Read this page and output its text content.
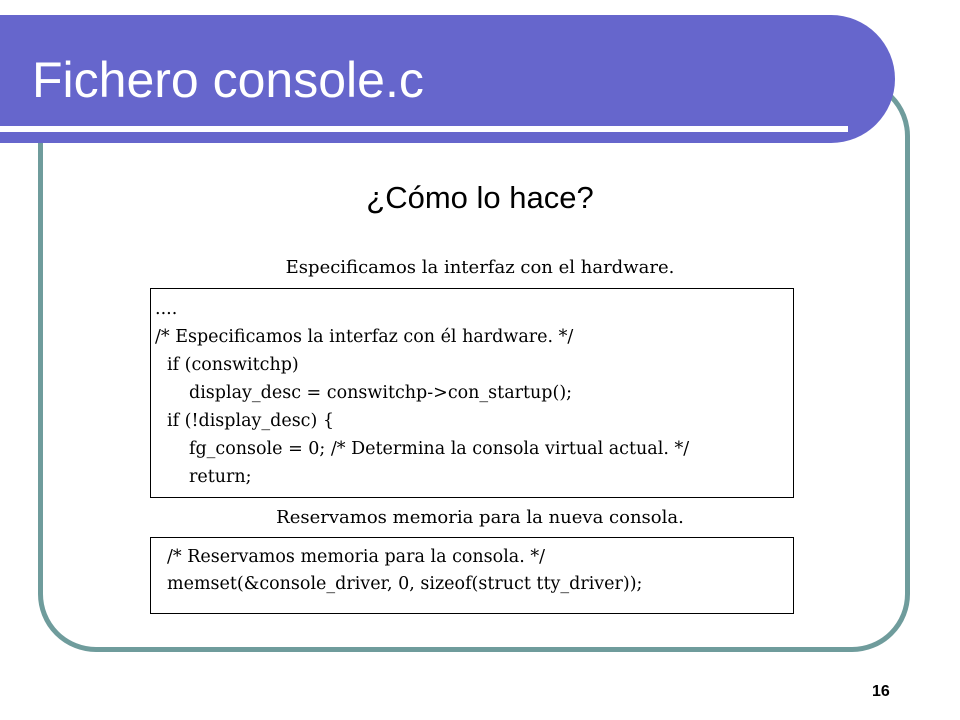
Fichero console.c
¿Cómo lo hace?
Especificamos la interfaz con el hardware.
....
/* Especificamos la interfaz con él hardware. */
if (conswitchp)
display_desc = conswitchp->con_startup();
if (!display_desc) {
fg_console = 0; /* Determina la consola virtual actual. */
return;
Reservamos memoria para la nueva consola.
/* Reservamos memoria para la consola. */
memset(&console_driver, 0, sizeof(struct tty_driver));
16
